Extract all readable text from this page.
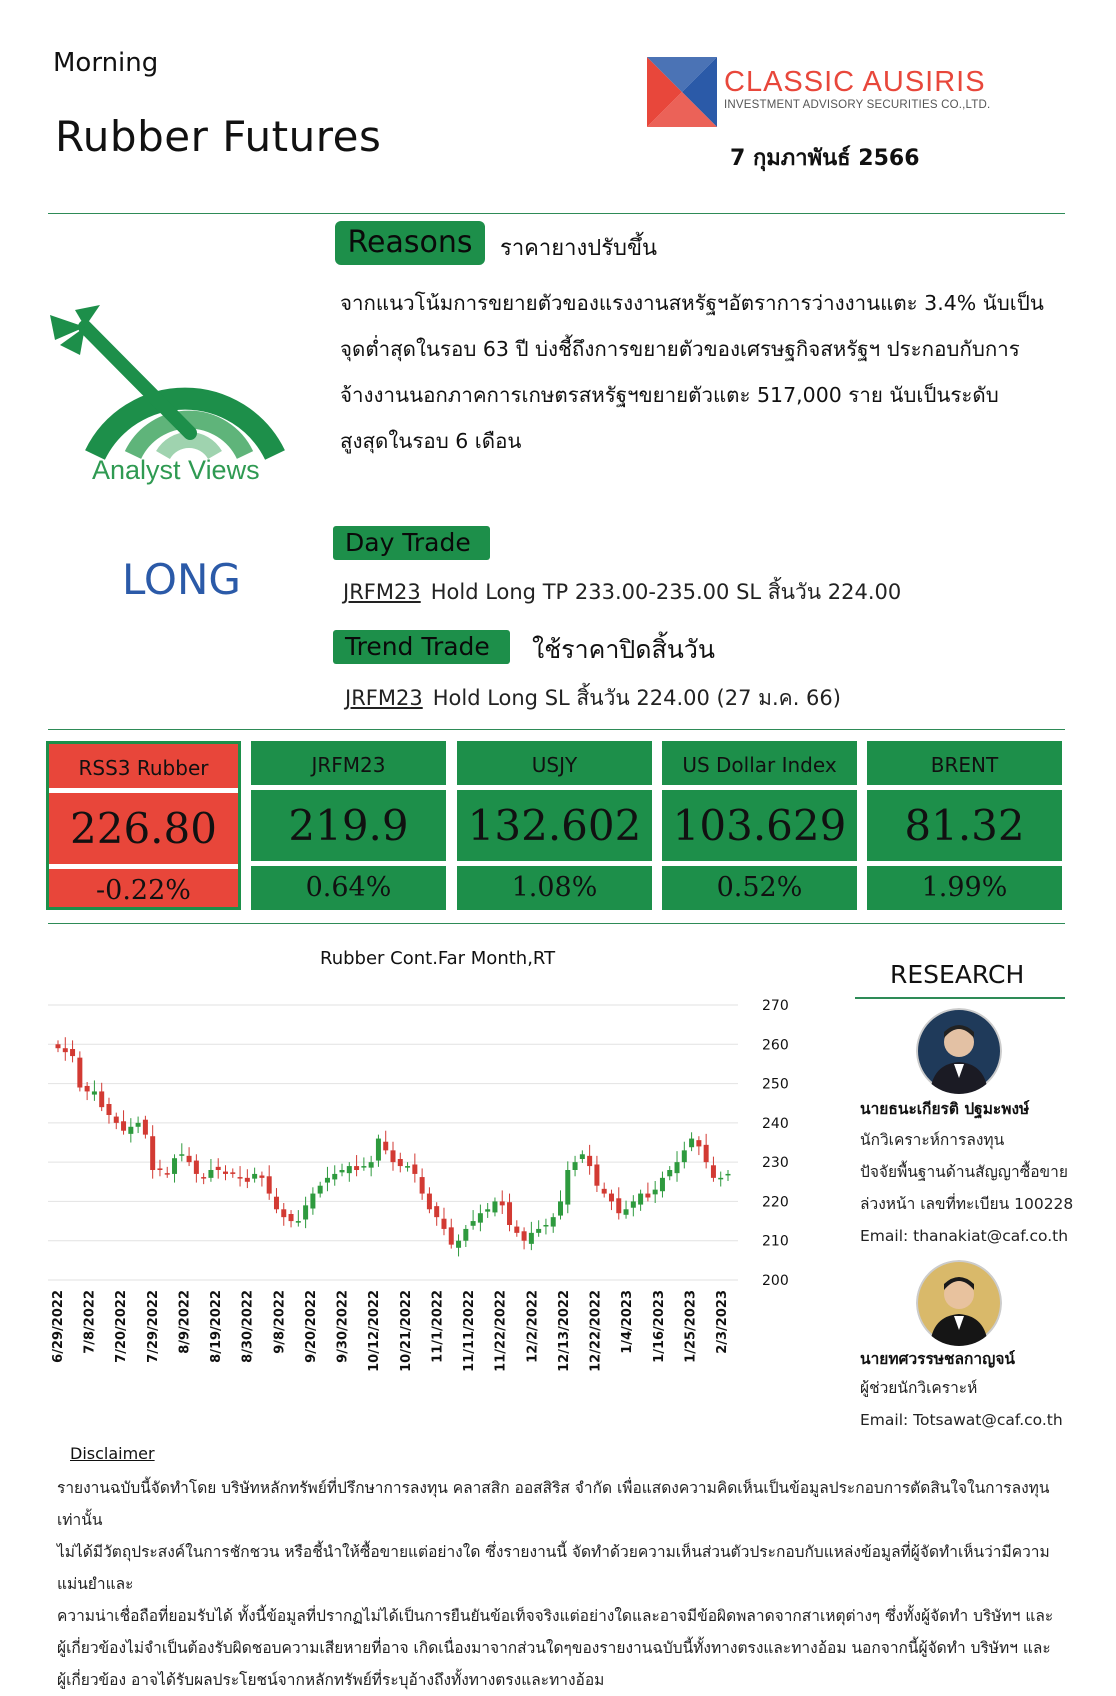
Morning
Rubber Futures
CLASSIC AUSIRIS
INVESTMENT ADVISORY SECURITIES CO.,LTD.
7 กุมภาพันธ์ 2566
Reasons	ราคายางปรับขึ้น
จากแนวโน้มการขยายตัวของแรงงานสหรัฐฯอัตราการว่างงานแตะ 3.4% นับเป็น
จุดต่ำสุดในรอบ 63 ปี บ่งชี้ถึงการขยายตัวของเศรษฐกิจสหรัฐฯ ประกอบกับการ
จ้างงานนอกภาคการเกษตรสหรัฐฯขยายตัวแตะ 517,000 ราย นับเป็นระดับ
สูงสุดในรอบ 6 เดือน
Analyst Views
LONG
Day Trade
JRFM23 Hold Long TP 233.00-235.00 SL สิ้นวัน 224.00
Trend Trade	ใช้ราคาปิดสิ้นวัน
JRFM23 Hold Long SL สิ้นวัน 224.00 (27 ม.ค. 66)
RSS3 Rubber
226.80
-0.22%
JRFM23
219.9
0.64%
USJY
132.602
1.08%
US Dollar Index
103.629
0.52%
BRENT
81.32
1.99%
Rubber Cont.Far Month,RT
270
260
250
240
230
220
210
200
6/29/2022 7/8/2022 7/20/2022 7/29/2022 8/9/2022 8/19/2022 8/30/2022 9/8/2022 9/20/2022 9/30/2022 10/12/2022 10/21/2022 11/1/2022 11/11/2022 11/22/2022 12/2/2022 12/13/2022 12/22/2022 1/4/2023 1/16/2023 1/25/2023 2/3/2023
RESEARCH
นายธนะเกียรติ ปฐมะพงษ์
นักวิเคราะห์การลงทุน
ปัจจัยพื้นฐานด้านสัญญาซื้อขาย
ล่วงหน้า เลขที่ทะเบียน 100228
Email: thanakiat@caf.co.th
นายทศวรรษชลกาญจน์
ผู้ช่วยนักวิเคราะห์
Email: Totsawat@caf.co.th
Disclaimer
รายงานฉบับนี้จัดทำโดย บริษัทหลักทรัพย์ที่ปรึกษาการลงทุน คลาสสิก ออสสิริส จำกัด เพื่อแสดงความคิดเห็นเป็นข้อมูลประกอบการตัดสินใจในการลงทุนเท่านั้น
ไม่ได้มีวัตถุประสงค์ในการชักชวน หรือชี้นำให้ซื้อขายแต่อย่างใด ซึ่งรายงานนี้ จัดทำด้วยความเห็นส่วนตัวประกอบกับแหล่งข้อมูลที่ผู้จัดทำเห็นว่ามีความแม่นยำและ
ความน่าเชื่อถือที่ยอมรับได้ ทั้งนี้ข้อมูลที่ปรากฏไม่ได้เป็นการยืนยันข้อเท็จจริงแต่อย่างใดและอาจมีข้อผิดพลาดจากสาเหตุต่างๆ ซึ่งทั้งผู้จัดทำ บริษัทฯ และ
ผู้เกี่ยวข้องไม่จำเป็นต้องรับผิดชอบความเสียหายที่อาจ เกิดเนื่องมาจากส่วนใดๆของรายงานฉบับนี้ทั้งทางตรงและทางอ้อม นอกจากนี้ผู้จัดทำ บริษัทฯ และ
ผู้เกี่ยวข้อง อาจได้รับผลประโยชน์จากหลักทรัพย์ที่ระบุอ้างถึงทั้งทางตรงและทางอ้อม
